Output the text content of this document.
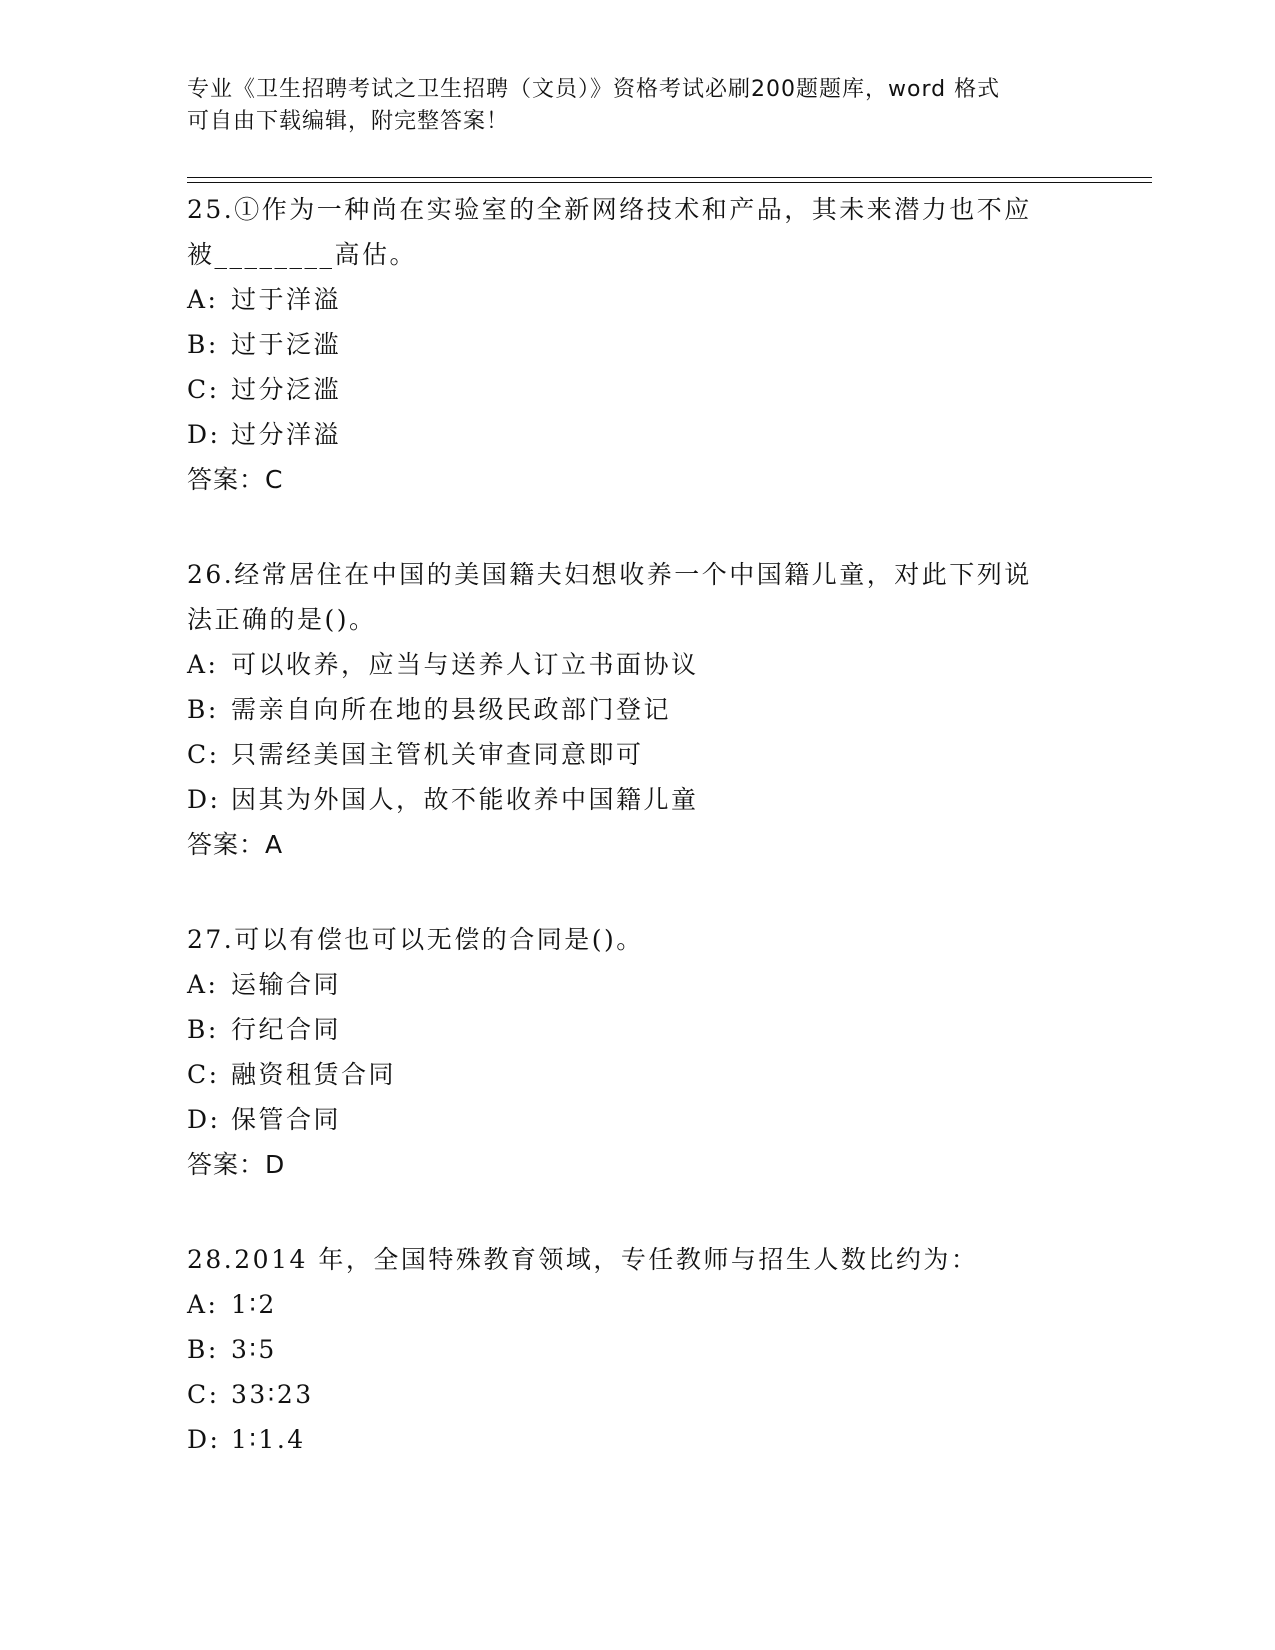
专业《卫生招聘考试之卫生招聘（文员）》资格考试必刷200题题库，word 格式
可自由下载编辑，附完整答案！
25.①作为一种尚在实验室的全新网络技术和产品，其未来潜力也不应
被________高估。
A: 过于洋溢
B: 过于泛滥
C: 过分泛滥
D: 过分洋溢
答案：C
26.经常居住在中国的美国籍夫妇想收养一个中国籍儿童，对此下列说
法正确的是()。
A: 可以收养，应当与送养人订立书面协议
B: 需亲自向所在地的县级民政部门登记
C: 只需经美国主管机关审查同意即可
D: 因其为外国人，故不能收养中国籍儿童
答案：A
27.可以有偿也可以无偿的合同是()。
A: 运输合同
B: 行纪合同
C: 融资租赁合同
D: 保管合同
答案：D
28.2014 年，全国特殊教育领域，专任教师与招生人数比约为：
A: 1∶2
B: 3∶5
C: 33∶23
D: 1∶1.4
